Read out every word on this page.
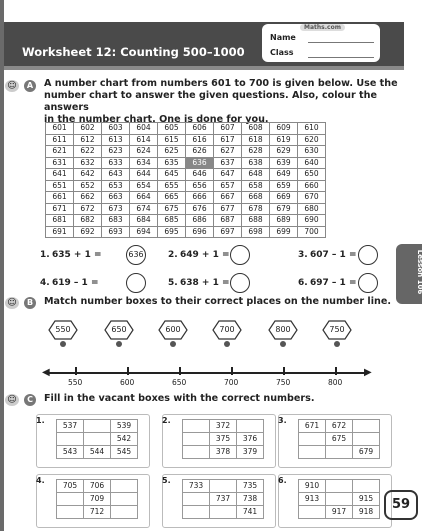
Worksheet 12: Counting 500–1000
Maths.com
Name
Class
☺	A	A number chart from numbers 601 to 700 is given below. Use the
number chart to answer the given questions. Also, colour the answers
in the number chart. One is done for you.
601	602	603	604	605	606	607	608	609	610
611	612	613	614	615	616	617	618	619	620
621	622	623	624	625	626	627	628	629	630
631	632	633	634	635	636	637	638	639	640
641	642	643	644	645	646	647	648	649	650
651	652	653	654	655	656	657	658	659	660
661	662	663	664	665	666	667	668	669	670
671	672	673	674	675	676	677	678	679	680
681	682	683	684	685	686	687	688	689	690
691	692	693	694	695	696	697	698	699	700
1. 635 + 1 =	636	2. 649 + 1 =	3. 607 – 1 =
4. 619 – 1 =	5. 638 + 1 =	6. 697 – 1 =	Lesson 106
☺	B	Match number boxes to their correct places on the number line.
550	650	600	700	800	750
◀	▶
550	600	650	700	750	800
☺	C	Fill in the vacant boxes with the correct numbers.
1.
537		539
		542
543	544	545
2.
	372	
	375	376
	378	379
3.
671	672	
	675	
		679
4.
705	706	
	709	
	712	
5.
733		735
	737	738
		741
6.
910		
913		915
	917	918	59
